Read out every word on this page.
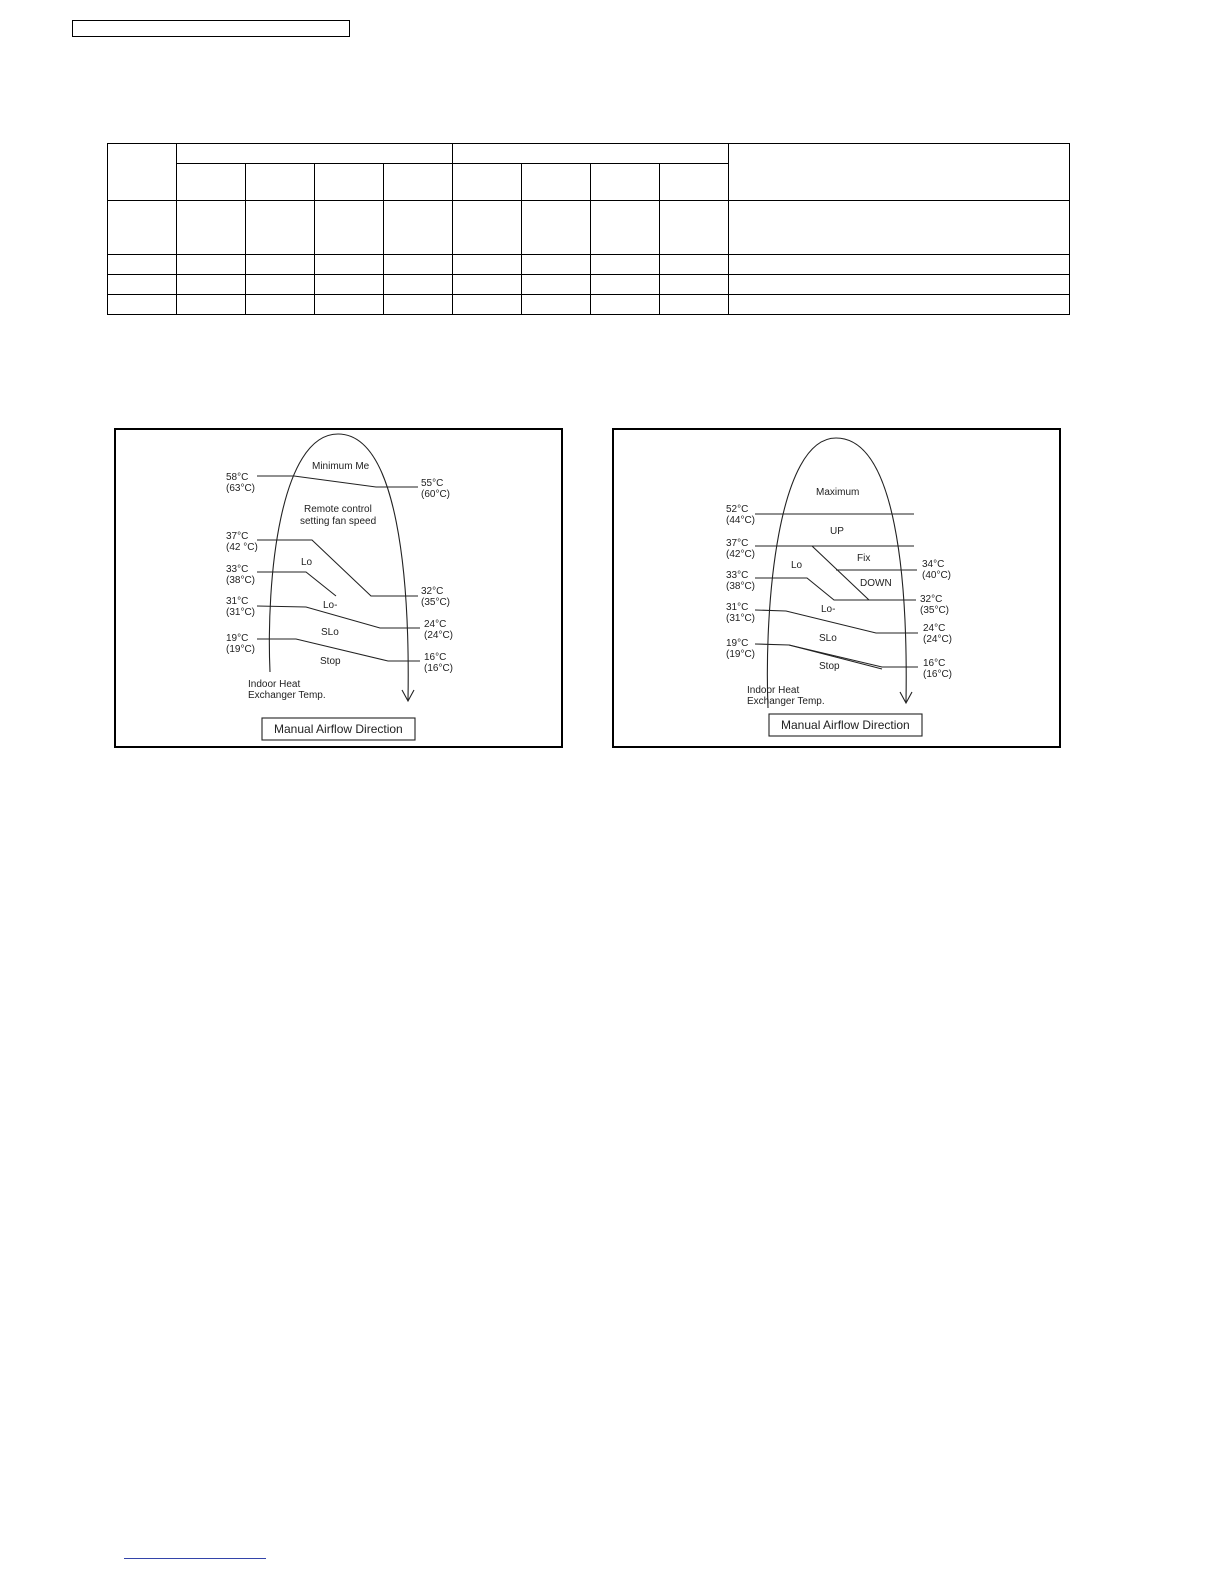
Minimum Me
Remote control
setting fan speed
Lo
Lo-
SLo
Stop
58°C
(63°C)
37°C
(42 °C)
33°C
(38°C)
31°C
(31°C)
19°C
(19°C)
55°C
(60°C)
32°C
(35°C)
24°C
(24°C)
16°C
(16°C)
Indoor Heat
Exchanger Temp.
Manual Airflow Direction
Maximum
UP
Fix
DOWN
Lo
Lo-
SLo
Stop
52°C
(44°C)
37°C
(42°C)
33°C
(38°C)
31°C
(31°C)
19°C
(19°C)
34°C
(40°C)
32°C
(35°C)
24°C
(24°C)
16°C
(16°C)
Indoor Heat
Exchanger Temp.
Manual Airflow Direction
